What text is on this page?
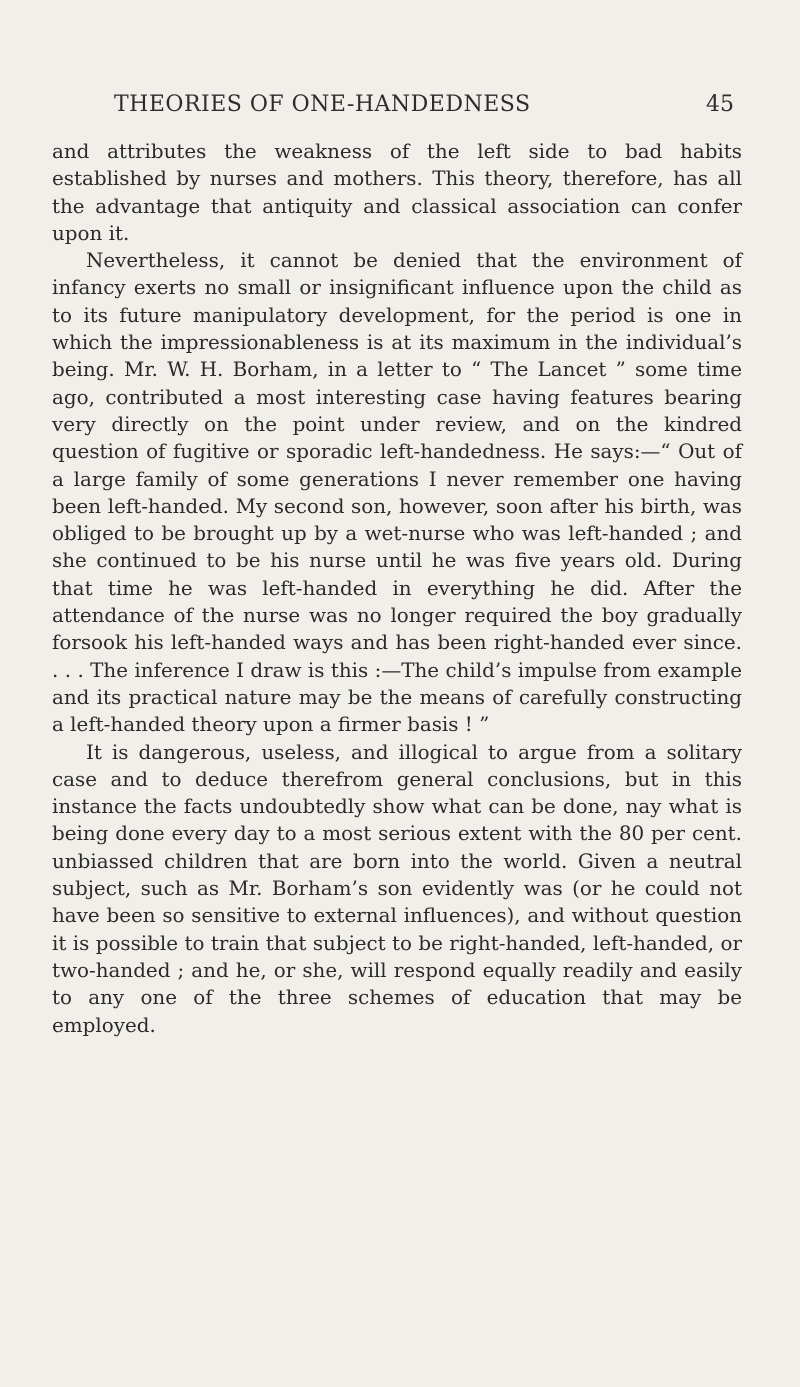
THEORIES OF ONE-HANDEDNESS	45

and attributes the weakness of the left side to bad habits established by nurses and mothers. This theory, therefore, has all the advantage that antiquity and classical association can confer upon it.

Nevertheless, it cannot be denied that the environment of infancy exerts no small or insignificant influence upon the child as to its future manipulatory development, for the period is one in which the impressionableness is at its maximum in the individual’s being. Mr. W. H. Borham, in a letter to “ The Lancet ” some time ago, contributed a most interesting case having features bearing very directly on the point under review, and on the kindred question of fugitive or sporadic left-handedness. He says:—“ Out of a large family of some generations I never remember one having been left-handed. My second son, however, soon after his birth, was obliged to be brought up by a wet-nurse who was left-handed ; and she continued to be his nurse until he was five years old. During that time he was left-handed in everything he did. After the attendance of the nurse was no longer required the boy gradually forsook his left-handed ways and has been right-handed ever since. . . . The inference I draw is this :—The child’s impulse from example and its practical nature may be the means of carefully constructing a left-handed theory upon a firmer basis ! ”

It is dangerous, useless, and illogical to argue from a solitary case and to deduce therefrom general conclusions, but in this instance the facts undoubtedly show what can be done, nay what is being done every day to a most serious extent with the 80 per cent. unbiassed children that are born into the world. Given a neutral subject, such as Mr. Borham’s son evidently was (or he could not have been so sensitive to external influences), and without question it is possible to train that subject to be right-handed, left-handed, or two-handed ; and he, or she, will respond equally readily and easily to any one of the three schemes of education that may be employed.
